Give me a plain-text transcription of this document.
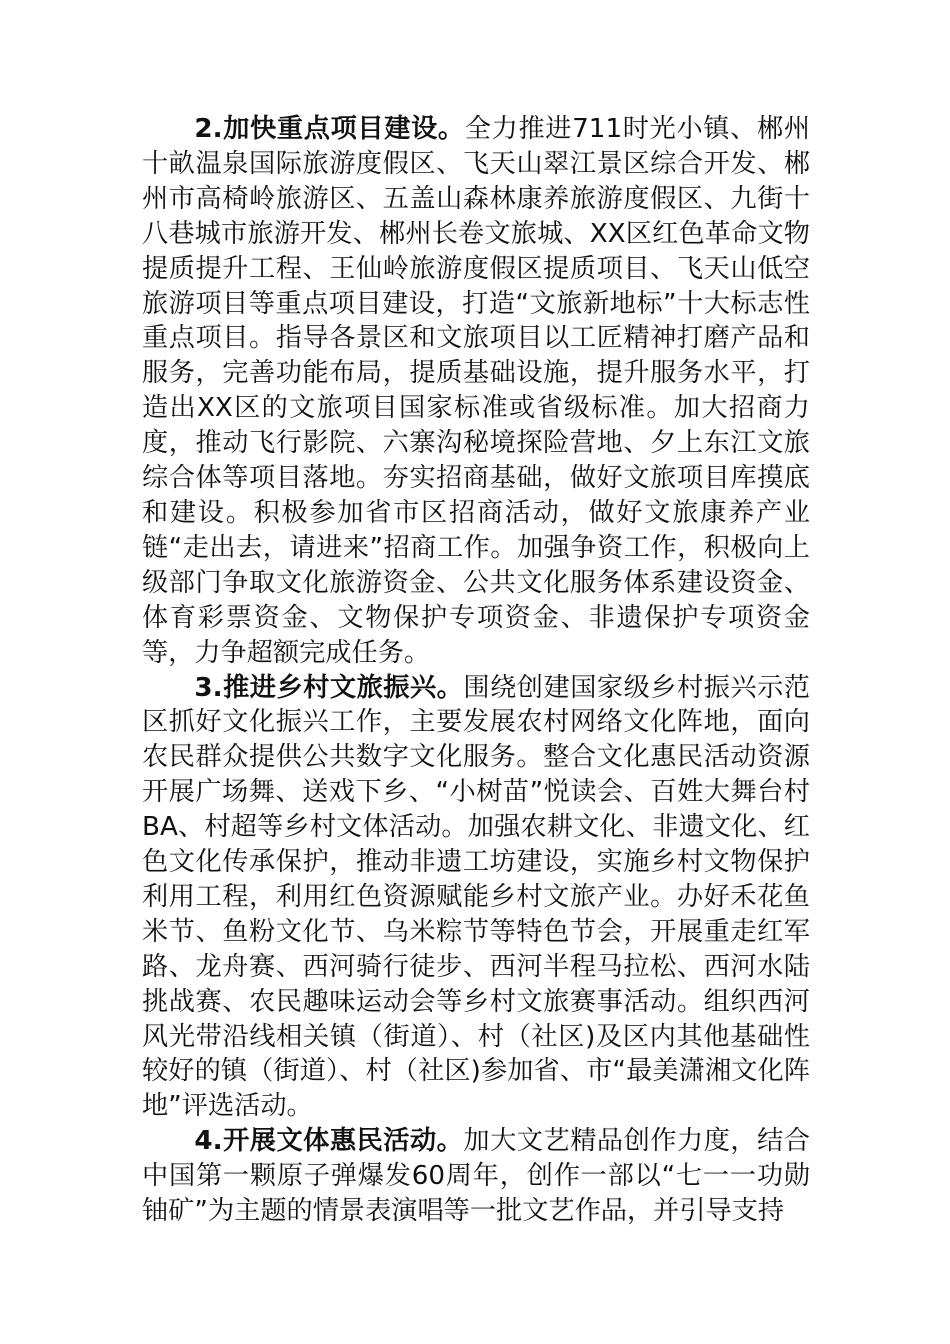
2.加快重点项目建设。全力推进711时光小镇、郴州十畝温泉国际旅游度假区、飞天山翠江景区综合开发、郴州市高椅岭旅游区、五盖山森林康养旅游度假区、九街十八巷城市旅游开发、郴州长卷文旅城、XX区红色革命文物提质提升工程、王仙岭旅游度假区提质项目、飞天山低空旅游项目等重点项目建设，打造“文旅新地标”十大标志性重点项目。指导各景区和文旅项目以工匠精神打磨产品和服务，完善功能布局，提质基础设施，提升服务水平，打造出XX区的文旅项目国家标准或省级标准。加大招商力度，推动飞行影院、六寨沟秘境探险营地、夕上东江文旅综合体等项目落地。夯实招商基础，做好文旅项目库摸底和建设。积极参加省市区招商活动，做好文旅康养产业链“走出去，请进来”招商工作。加强争资工作，积极向上级部门争取文化旅游资金、公共文化服务体系建设资金、体育彩票资金、文物保护专项资金、非遗保护专项资金等，力争超额完成任务。

3.推进乡村文旅振兴。围绕创建国家级乡村振兴示范区抓好文化振兴工作，主要发展农村网络文化阵地，面向农民群众提供公共数字文化服务。整合文化惠民活动资源开展广场舞、送戏下乡、“小树苗”悦读会、百姓大舞台村BA、村超等乡村文体活动。加强农耕文化、非遗文化、红色文化传承保护，推动非遗工坊建设，实施乡村文物保护利用工程，利用红色资源赋能乡村文旅产业。办好禾花鱼米节、鱼粉文化节、乌米粽节等特色节会，开展重走红军路、龙舟赛、西河骑行徒步、西河半程马拉松、西河水陆挑战赛、农民趣味运动会等乡村文旅赛事活动。组织西河风光带沿线相关镇（街道）、村（社区)及区内其他基础性较好的镇（街道）、村（社区)参加省、市“最美潇湘文化阵地”评选活动。

4.开展文体惠民活动。加大文艺精品创作力度，结合中国第一颗原子弹爆发60周年，创作一部以“七一一功勋铀矿”为主题的情景表演唱等一批文艺作品，并引导支持
